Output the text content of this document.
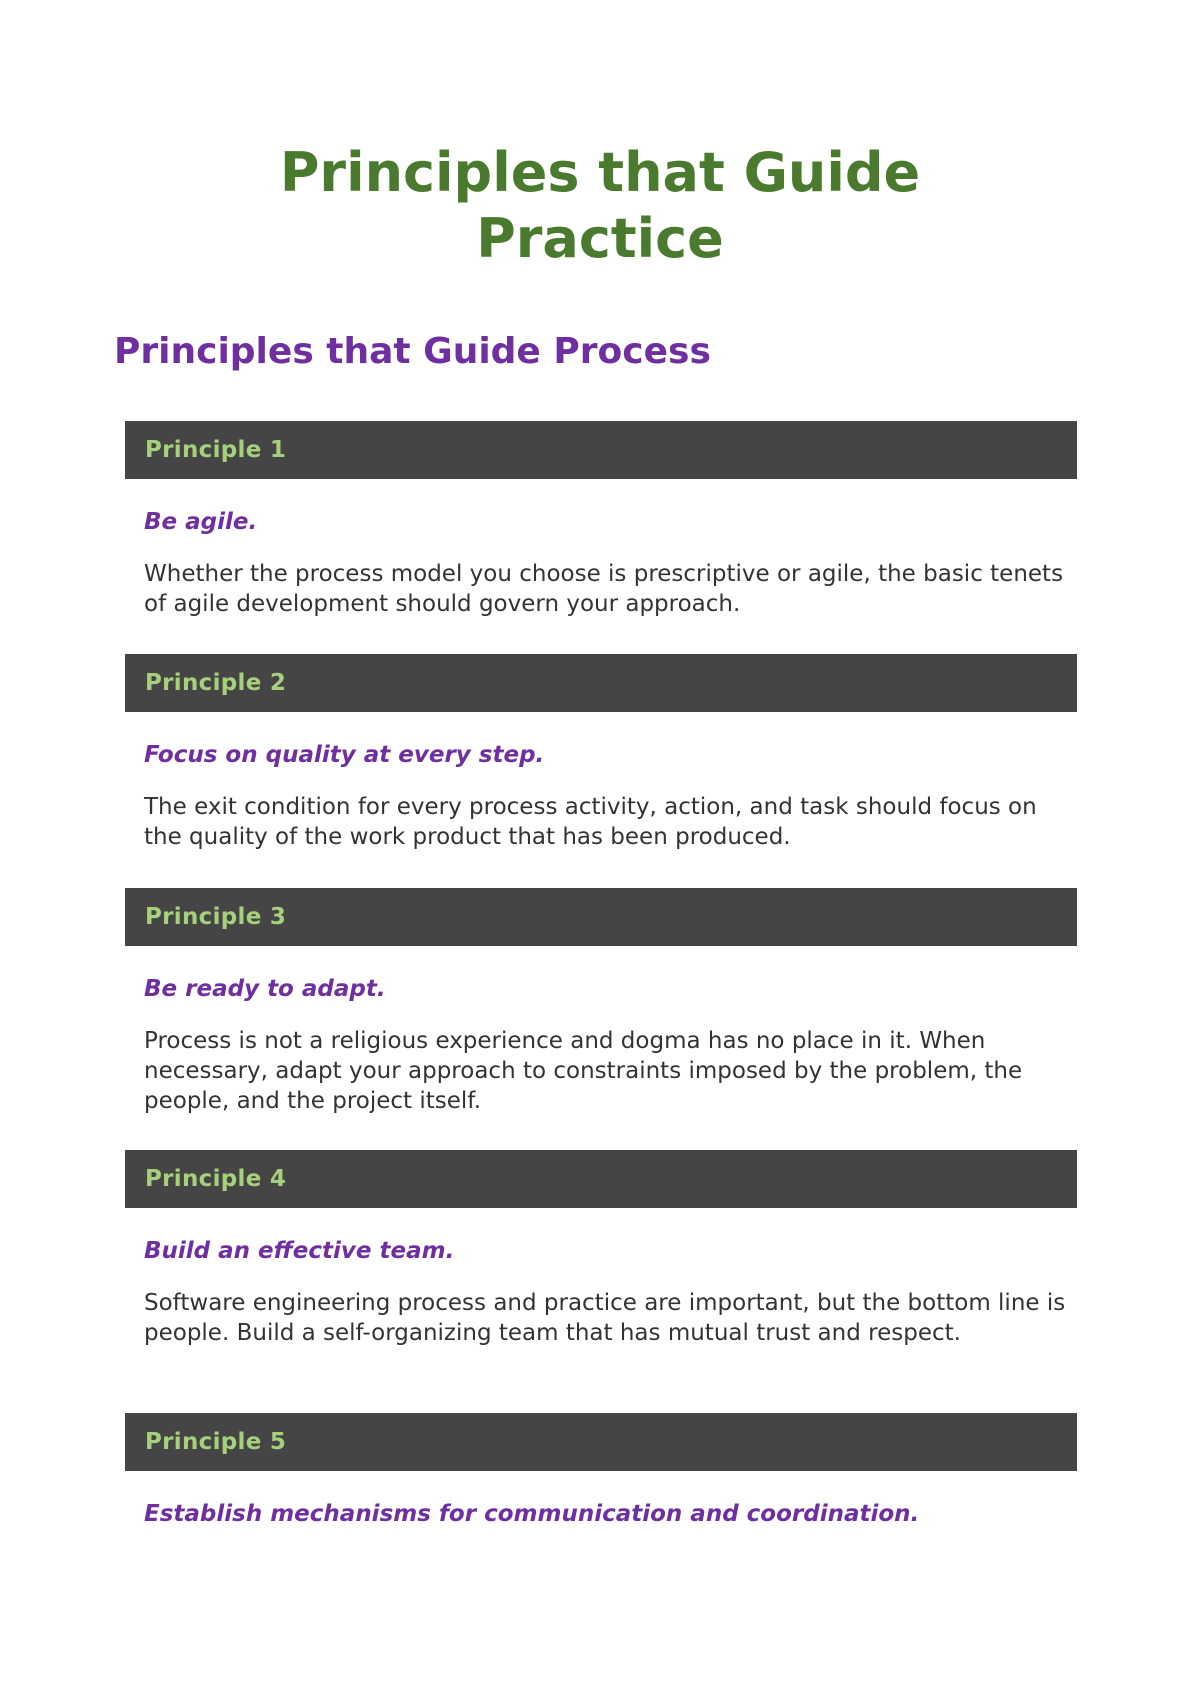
Principles that Guide
Practice
Principles that Guide Process
Principle 1
Be agile.
Whether the process model you choose is prescriptive or agile, the basic tenets of agile development should govern your approach.
Principle 2
Focus on quality at every step.
The exit condition for every process activity, action, and task should focus on the quality of the work product that has been produced.
Principle 3
Be ready to adapt.
Process is not a religious experience and dogma has no place in it. When necessary, adapt your approach to constraints imposed by the problem, the people, and the project itself.
Principle 4
Build an effective team.
Software engineering process and practice are important, but the bottom line is people. Build a self-organizing team that has mutual trust and respect.
Principle 5
Establish mechanisms for communication and coordination.
